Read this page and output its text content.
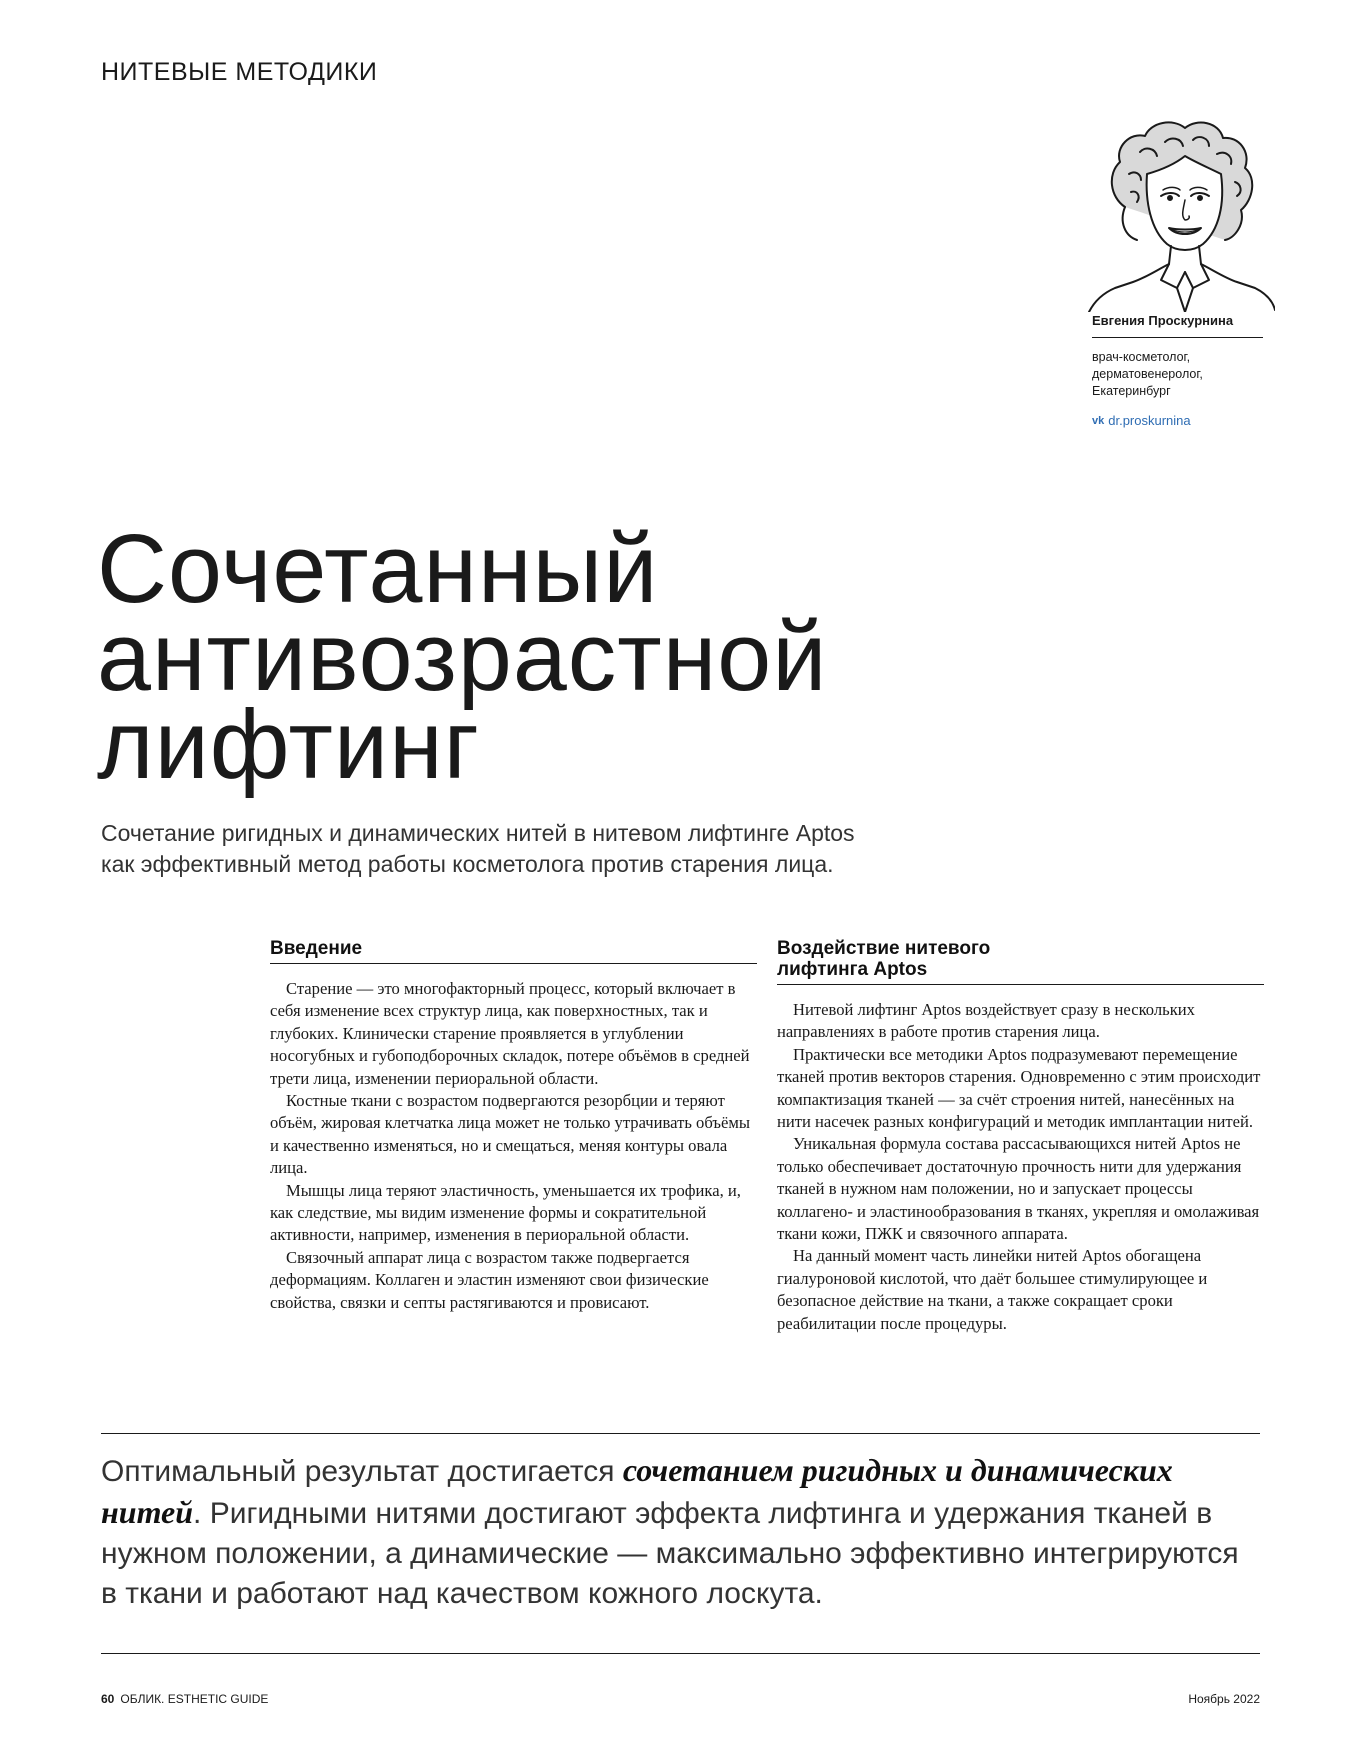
НИТЕВЫЕ МЕТОДИКИ
Евгения Проскурнина
врач-косметолог,
дерматовенеролог,
Екатеринбург
vk dr.proskurnina
Сочетанный
антивозрастной
лифтинг

Сочетание ригидных и динамических нитей в нитевом лифтинге Aptos
как эффективный метод работы косметолога против старения лица.

Введение

Старение — это многофакторный процесс, который включает в себя изменение всех структур лица, как поверхностных, так и глубоких. Клинически старение проявляется в углублении носогубных и губоподборочных складок, потере объёмов в средней трети лица, изменении периоральной области.

Костные ткани с возрастом подвергаются резорбции и теряют объём, жировая клетчатка лица может не только утрачивать объёмы и качественно изменяться, но и смещаться, меняя контуры овала лица.

Мышцы лица теряют эластичность, уменьшается их трофика, и, как следствие, мы видим изменение формы и сократительной активности, например, изменения в периоральной области.

Связочный аппарат лица с возрастом также подвергается деформациям. Коллаген и эластин изменяют свои физические свойства, связки и септы растягиваются и провисают.

Воздействие нитевого
лифтинга Aptos

Нитевой лифтинг Aptos воздействует сразу в нескольких направлениях в работе против старения лица.

Практически все методики Aptos подразумевают перемещение тканей против векторов старения. Одновременно с этим происходит компактизация тканей — за счёт строения нитей, нанесённых на нити насечек разных конфигураций и методик имплантации нитей.

Уникальная формула состава рассасывающихся нитей Aptos не только обеспечивает достаточную прочность нити для удержания тканей в нужном нам положении, но и запускает процессы коллагено- и эластинообразования в тканях, укрепляя и омолаживая ткани кожи, ПЖК и связочного аппарата.

На данный момент часть линейки нитей Aptos обогащена гиалуроновой кислотой, что даёт большее стимулирующее и безопасное действие на ткани, а также сокращает сроки реабилитации после процедуры.

Оптимальный результат достигается сочетанием ригидных и динамических нитей. Ригидными нитями достигают эффекта лифтинга и удержания тканей в нужном положении, а динамические — максимально эффективно интегрируются в ткани и работают над качеством кожного лоскута.

60 ОБЛИК. ESTHETIC GUIDE	Ноябрь 2022
